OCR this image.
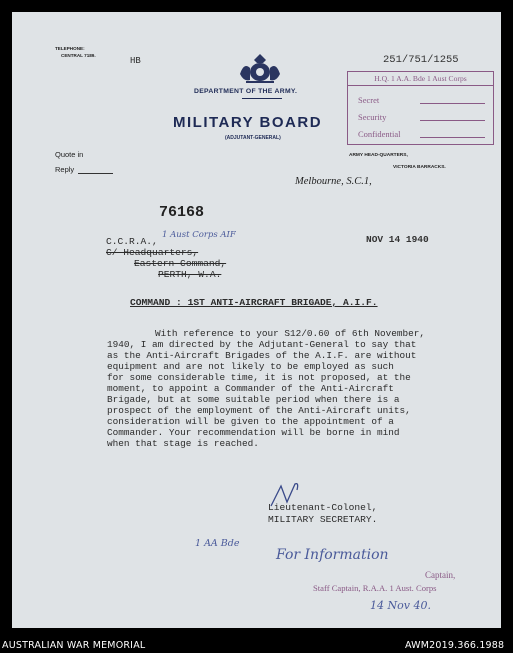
TELEPHONE:
CENTRAL 7189.
HB	251/751/1255
DEPARTMENT OF THE ARMY.
MILITARY BOARD
(ADJUTANT-GENERAL)
H.Q. 1 A.A. Bde 1 Aust Corps
Secret
Security
Confidential
Quote in
Reply
ARMY HEAD-QUARTERS,
VICTORIA BARRACKS.
Melbourne, S.C.1,
76168
NOV 14 1940
C.C.R.A.,
1 Aust Corps AIF
C/ Headquarters,
Eastern Command,
PERTH, W.A.
COMMAND : 1ST ANTI-AIRCRAFT BRIGADE, A.I.F.
With reference to your S12/0.60 of 6th November,
1940, I am directed by the Adjutant-General to say that
as the Anti-Aircraft Brigades of the A.I.F. are without
equipment and are not likely to be employed as such
for some considerable time, it is not proposed, at the
moment, to appoint a Commander of the Anti-Aircraft
Brigade, but at some suitable period when there is a
prospect of the employment of the Anti-Aircraft units,
consideration will be given to the appointment of a
Commander. Your recommendation will be borne in mind
when that stage is reached.
Lieutenant-Colonel,
MILITARY SECRETARY.
1 AA Bde
For Information
Captain,
Staff Captain, R.A.A. 1 Aust. Corps
14 Nov 40.
AUSTRALIAN WAR MEMORIAL	AWM2019.366.1988
